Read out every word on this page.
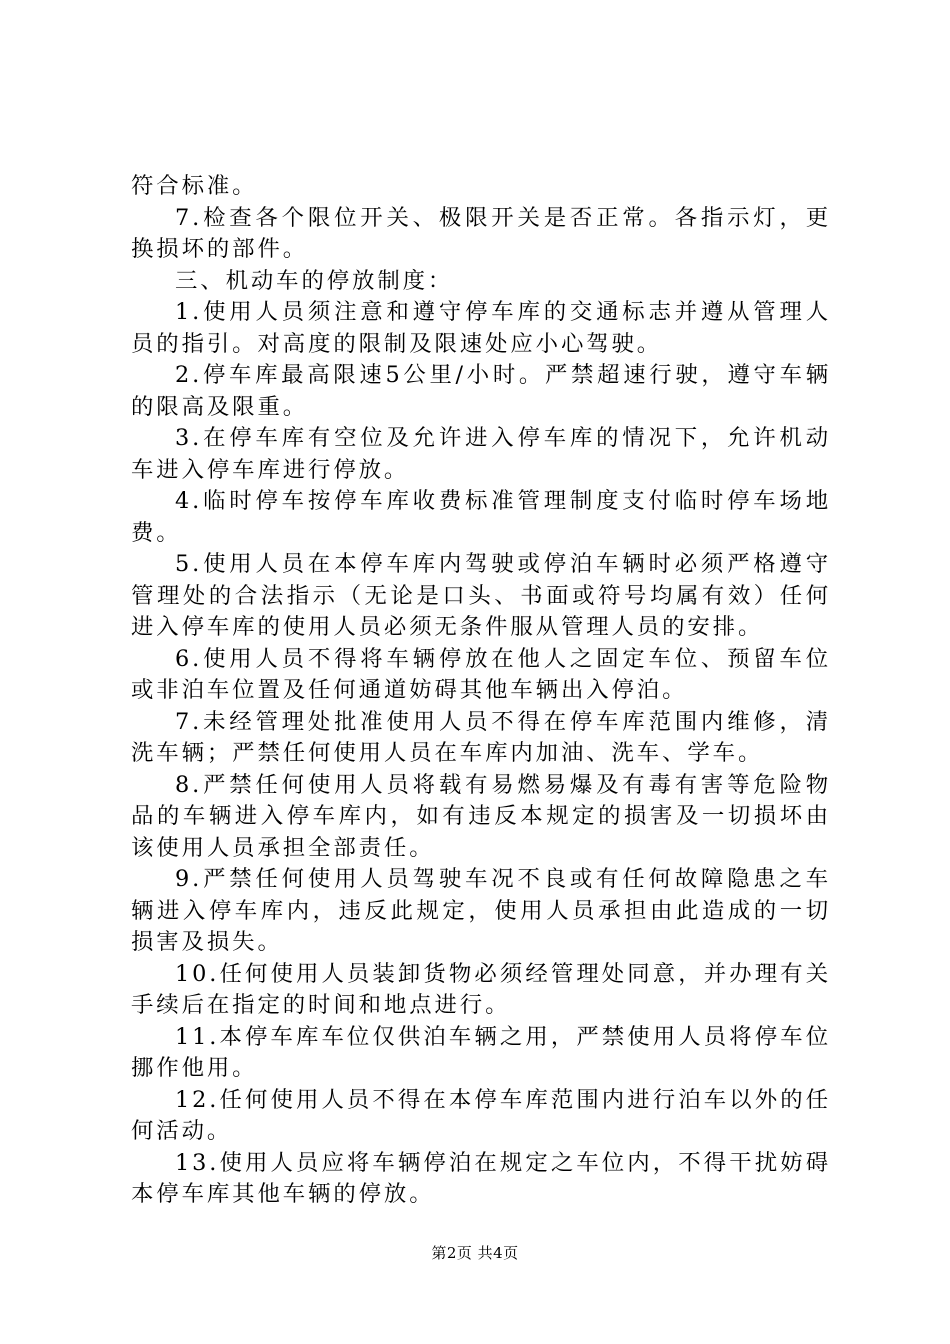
符合标准。

7.检查各个限位开关、极限开关是否正常。各指示灯，更换损坏的部件。

三、机动车的停放制度：

1.使用人员须注意和遵守停车库的交通标志并遵从管理人员的指引。对高度的限制及限速处应小心驾驶。

2.停车库最高限速5公里/小时。严禁超速行驶，遵守车辆的限高及限重。

3.在停车库有空位及允许进入停车库的情况下，允许机动车进入停车库进行停放。

4.临时停车按停车库收费标准管理制度支付临时停车场地费。

5.使用人员在本停车库内驾驶或停泊车辆时必须严格遵守管理处的合法指示（无论是口头、书面或符号均属有效）任何进入停车库的使用人员必须无条件服从管理人员的安排。

6.使用人员不得将车辆停放在他人之固定车位、预留车位或非泊车位置及任何通道妨碍其他车辆出入停泊。

7.未经管理处批准使用人员不得在停车库范围内维修，清洗车辆；严禁任何使用人员在车库内加油、洗车、学车。

8.严禁任何使用人员将载有易燃易爆及有毒有害等危险物品的车辆进入停车库内，如有违反本规定的损害及一切损坏由该使用人员承担全部责任。

9.严禁任何使用人员驾驶车况不良或有任何故障隐患之车辆进入停车库内，违反此规定，使用人员承担由此造成的一切损害及损失。

10.任何使用人员装卸货物必须经管理处同意，并办理有关手续后在指定的时间和地点进行。

11.本停车库车位仅供泊车辆之用，严禁使用人员将停车位挪作他用。

12.任何使用人员不得在本停车库范围内进行泊车以外的任何活动。

13.使用人员应将车辆停泊在规定之车位内，不得干扰妨碍本停车库其他车辆的停放。

第2页 共4页
